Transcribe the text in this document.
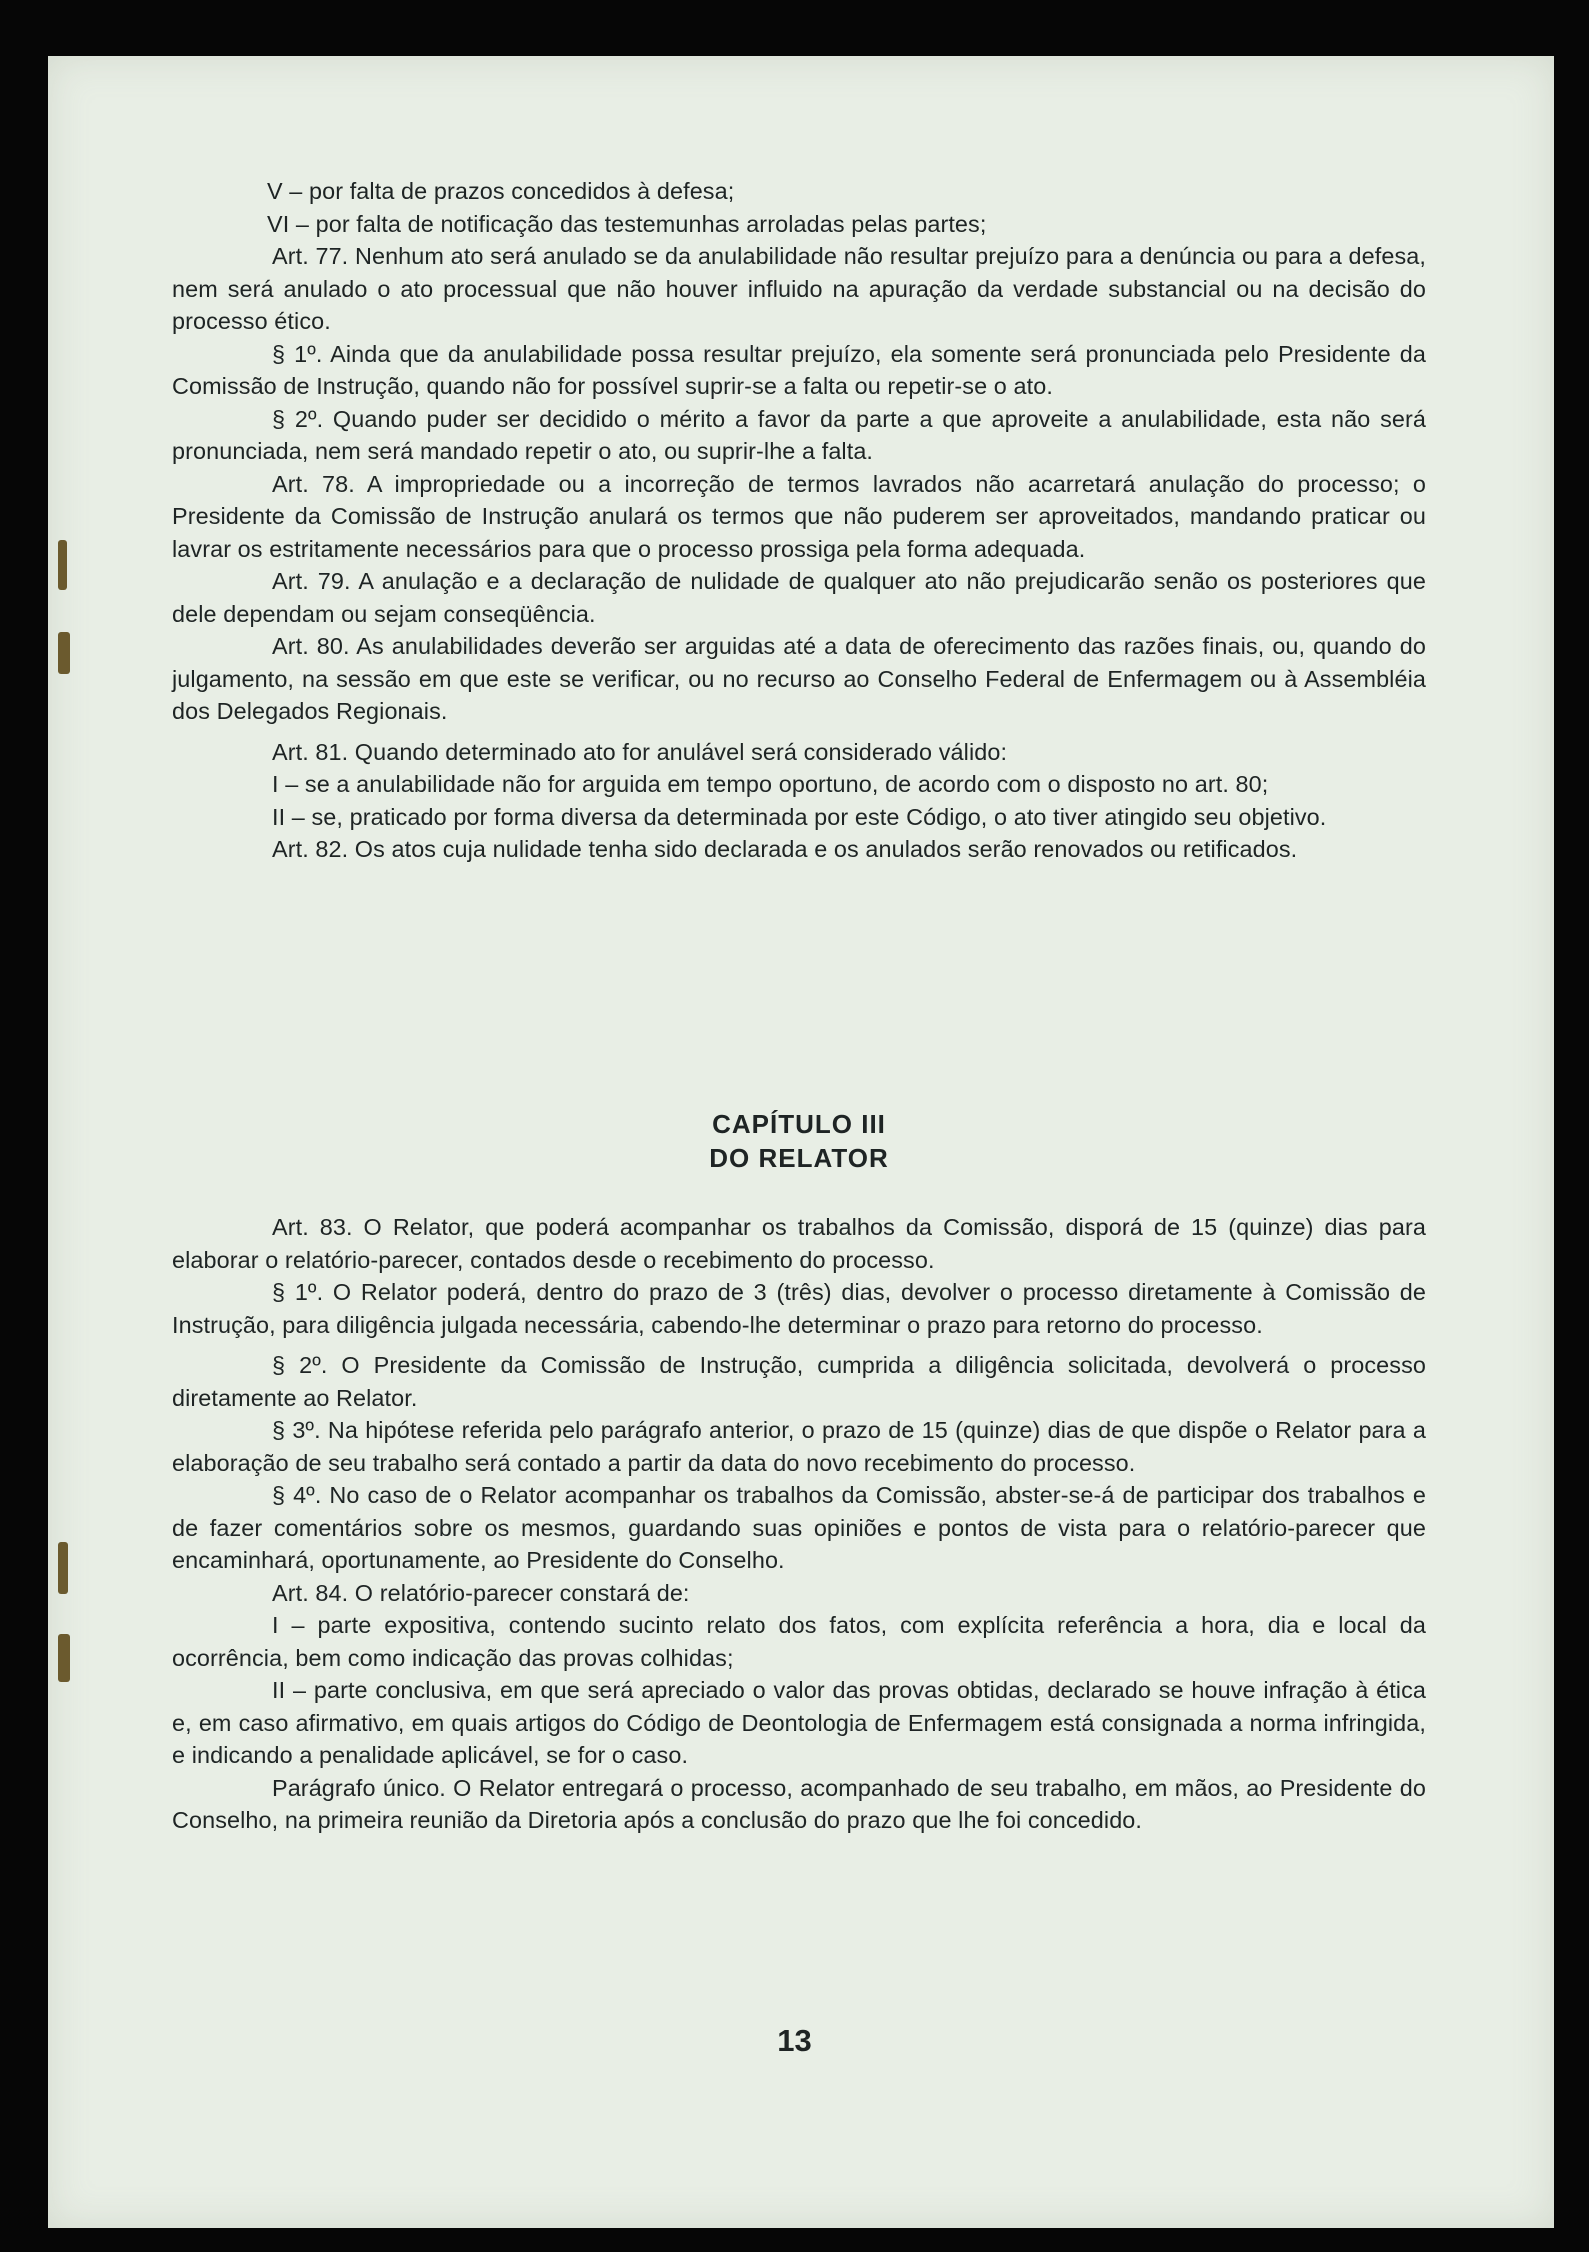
V – por falta de prazos concedidos à defesa;

VI – por falta de notificação das testemunhas arroladas pelas partes;

Art. 77. Nenhum ato será anulado se da anulabilidade não resultar prejuízo para a denúncia ou para a defesa, nem será anulado o ato processual que não houver influido na apuração da verdade substancial ou na decisão do processo ético.

§ 1º. Ainda que da anulabilidade possa resultar prejuízo, ela somente será pronunciada pelo Presidente da Comissão de Instrução, quando não for possível suprir-se a falta ou repetir-se o ato.

§ 2º. Quando puder ser decidido o mérito a favor da parte a que aproveite a anulabilidade, esta não será pronunciada, nem será mandado repetir o ato, ou suprir-lhe a falta.

Art. 78. A impropriedade ou a incorreção de termos lavrados não acarretará anulação do processo; o Presidente da Comissão de Instrução anulará os termos que não puderem ser aproveitados, mandando praticar ou lavrar os estritamente necessários para que o processo prossiga pela forma adequada.

Art. 79. A anulação e a declaração de nulidade de qualquer ato não prejudicarão senão os posteriores que dele dependam ou sejam conseqüência.

Art. 80. As anulabilidades deverão ser arguidas até a data de oferecimento das razões finais, ou, quando do julgamento, na sessão em que este se verificar, ou no recurso ao Conselho Federal de Enfermagem ou à Assembléia dos Delegados Regionais.

Art. 81. Quando determinado ato for anulável será considerado válido:

I – se a anulabilidade não for arguida em tempo oportuno, de acordo com o disposto no art. 80;

II – se, praticado por forma diversa da determinada por este Código, o ato tiver atingido seu objetivo.

Art. 82. Os atos cuja nulidade tenha sido declarada e os anulados serão renovados ou retificados.

CAPÍTULO III
DO RELATOR

Art. 83. O Relator, que poderá acompanhar os trabalhos da Comissão, disporá de 15 (quinze) dias para elaborar o relatório-parecer, contados desde o recebimento do processo.

§ 1º. O Relator poderá, dentro do prazo de 3 (três) dias, devolver o processo diretamente à Comissão de Instrução, para diligência julgada necessária, cabendo-lhe determinar o prazo para retorno do processo.

§ 2º. O Presidente da Comissão de Instrução, cumprida a diligência solicitada, devolverá o processo diretamente ao Relator.

§ 3º. Na hipótese referida pelo parágrafo anterior, o prazo de 15 (quinze) dias de que dispõe o Relator para a elaboração de seu trabalho será contado a partir da data do novo recebimento do processo.

§ 4º. No caso de o Relator acompanhar os trabalhos da Comissão, abster-se-á de participar dos trabalhos e de fazer comentários sobre os mesmos, guardando suas opiniões e pontos de vista para o relatório-parecer que encaminhará, oportunamente, ao Presidente do Conselho.

Art. 84. O relatório-parecer constará de:

I – parte expositiva, contendo sucinto relato dos fatos, com explícita referência a hora, dia e local da ocorrência, bem como indicação das provas colhidas;

II – parte conclusiva, em que será apreciado o valor das provas obtidas, declarado se houve infração à ética e, em caso afirmativo, em quais artigos do Código de Deontologia de Enfermagem está consignada a norma infringida, e indicando a penalidade aplicável, se for o caso.

Parágrafo único. O Relator entregará o processo, acompanhado de seu trabalho, em mãos, ao Presidente do Conselho, na primeira reunião da Diretoria após a conclusão do prazo que lhe foi concedido.

13
